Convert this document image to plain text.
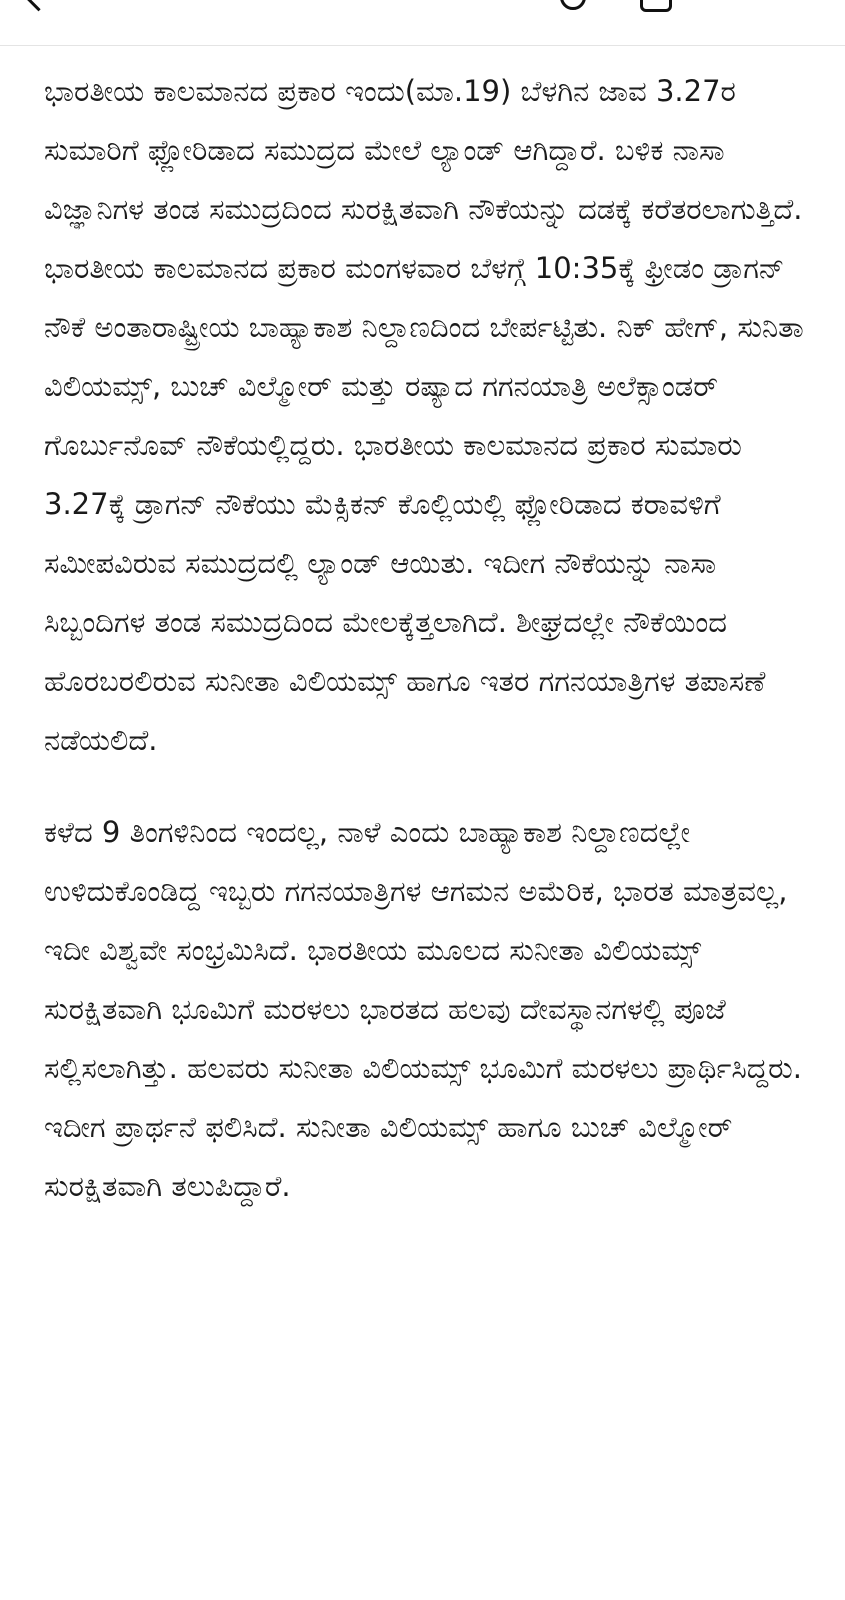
ಭಾರತೀಯ ಕಾಲಮಾನದ ಪ್ರಕಾರ ಇಂದು(ಮಾ.19) ಬೆಳಗಿನ ಜಾವ 3.27ರ ಸುಮಾರಿಗೆ ಫ್ಲೋರಿಡಾದ ಸಮುದ್ರದ ಮೇಲೆ ಲ್ಯಾಂಡ್ ಆಗಿದ್ದಾರೆ. ಬಳಿಕ ನಾಸಾ ವಿಜ್ಞಾನಿಗಳ ತಂಡ ಸಮುದ್ರದಿಂದ ಸುರಕ್ಷಿತವಾಗಿ ನೌಕೆಯನ್ನು ದಡಕ್ಕೆ ಕರೆತರಲಾಗುತ್ತಿದೆ. ಭಾರತೀಯ ಕಾಲಮಾನದ ಪ್ರಕಾರ ಮಂಗಳವಾರ ಬೆಳಗ್ಗೆ 10:35ಕ್ಕೆ ಫ್ರೀಡಂ ಡ್ರಾಗನ್ ನೌಕೆ ಅಂತಾರಾಷ್ಟ್ರೀಯ ಬಾಹ್ಯಾಕಾಶ ನಿಲ್ದಾಣದಿಂದ ಬೇರ್ಪಟ್ಟಿತು. ನಿಕ್ ಹೇಗ್, ಸುನಿತಾ ವಿಲಿಯಮ್ಸ್, ಬುಚ್ ವಿಲ್ಮೋರ್ ಮತ್ತು ರಷ್ಯಾದ ಗಗನಯಾತ್ರಿ ಅಲೆಕ್ಸಾಂಡರ್ ಗೊರ್ಬುನೊವ್ ನೌಕೆಯಲ್ಲಿದ್ದರು. ಭಾರತೀಯ ಕಾಲಮಾನದ ಪ್ರಕಾರ ಸುಮಾರು 3.27ಕ್ಕೆ ಡ್ರಾಗನ್ ನೌಕೆಯು ಮೆಕ್ಸಿಕನ್ ಕೊಲ್ಲಿಯಲ್ಲಿ ಫ್ಲೋರಿಡಾದ ಕರಾವಳಿಗೆ ಸಮೀಪವಿರುವ ಸಮುದ್ರದಲ್ಲಿ ಲ್ಯಾಂಡ್ ಆಯಿತು. ಇದೀಗ ನೌಕೆಯನ್ನು ನಾಸಾ ಸಿಬ್ಬಂದಿಗಳ ತಂಡ ಸಮುದ್ರದಿಂದ ಮೇಲಕ್ಕೆತ್ತಲಾಗಿದೆ. ಶೀಘ್ರದಲ್ಲೇ ನೌಕೆಯಿಂದ ಹೊರಬರಲಿರುವ ಸುನೀತಾ ವಿಲಿಯಮ್ಸ್ ಹಾಗೂ ಇತರ ಗಗನಯಾತ್ರಿಗಳ ತಪಾಸಣೆ ನಡೆಯಲಿದೆ.

ಕಳೆದ 9 ತಿಂಗಳಿನಿಂದ ಇಂದಲ್ಲ, ನಾಳೆ ಎಂದು ಬಾಹ್ಯಾಕಾಶ ನಿಲ್ದಾಣದಲ್ಲೇ ಉಳಿದುಕೊಂಡಿದ್ದ ಇಬ್ಬರು ಗಗನಯಾತ್ರಿಗಳ ಆಗಮನ ಅಮೆರಿಕ, ಭಾರತ ಮಾತ್ರವಲ್ಲ, ಇದೀ ವಿಶ್ವವೇ ಸಂಭ್ರಮಿಸಿದೆ. ಭಾರತೀಯ ಮೂಲದ ಸುನೀತಾ ವಿಲಿಯಮ್ಸ್ ಸುರಕ್ಷಿತವಾಗಿ ಭೂಮಿಗೆ ಮರಳಲು ಭಾರತದ ಹಲವು ದೇವಸ್ಥಾನಗಳಲ್ಲಿ ಪೂಜೆ ಸಲ್ಲಿಸಲಾಗಿತ್ತು. ಹಲವರು ಸುನೀತಾ ವಿಲಿಯಮ್ಸ್ ಭೂಮಿಗೆ ಮರಳಲು ಪ್ರಾರ್ಥಿಸಿದ್ದರು. ಇದೀಗ ಪ್ರಾರ್ಥನೆ ಫಲಿಸಿದೆ. ಸುನೀತಾ ವಿಲಿಯಮ್ಸ್ ಹಾಗೂ ಬುಚ್ ವಿಲ್ಮೋರ್ ಸುರಕ್ಷಿತವಾಗಿ ತಲುಪಿದ್ದಾರೆ.
